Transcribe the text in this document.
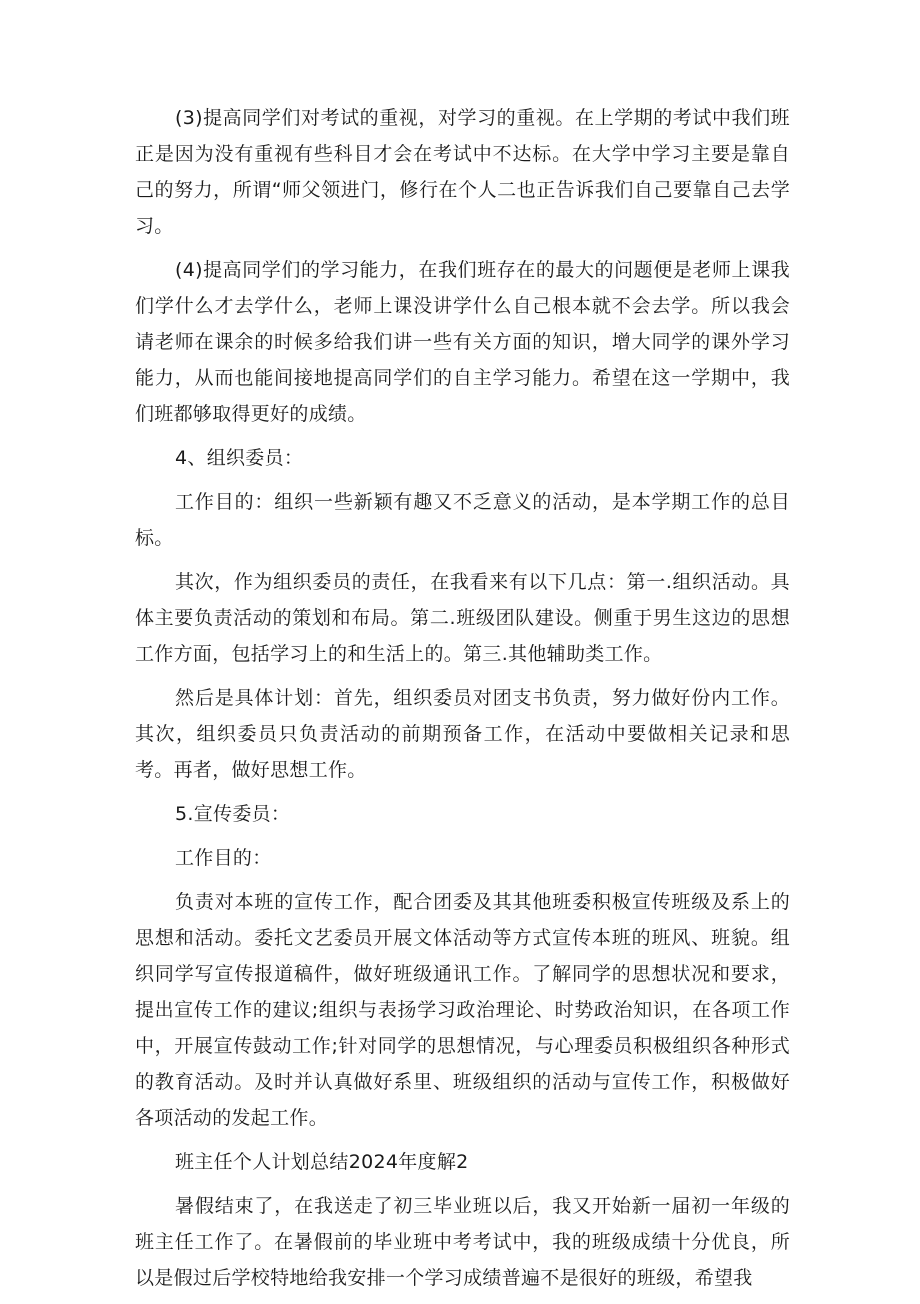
(3)提高同学们对考试的重视，对学习的重视。在上学期的考试中我们班正是因为没有重视有些科目才会在考试中不达标。在大学中学习主要是靠自己的努力，所谓“师父领进门，修行在个人二也正告诉我们自己要靠自己去学习。

(4)提高同学们的学习能力，在我们班存在的最大的问题便是老师上课我们学什么才去学什么，老师上课没讲学什么自己根本就不会去学。所以我会请老师在课余的时候多给我们讲一些有关方面的知识，增大同学的课外学习能力，从而也能间接地提高同学们的自主学习能力。希望在这一学期中，我们班都够取得更好的成绩。

4、组织委员：

工作目的：组织一些新颖有趣又不乏意义的活动，是本学期工作的总目标。

其次，作为组织委员的责任，在我看来有以下几点：第一.组织活动。具体主要负责活动的策划和布局。第二.班级团队建设。侧重于男生这边的思想工作方面，包括学习上的和生活上的。第三.其他辅助类工作。

然后是具体计划：首先，组织委员对团支书负责，努力做好份内工作。其次，组织委员只负责活动的前期预备工作，在活动中要做相关记录和思考。再者，做好思想工作。

5.宣传委员：

工作目的：

负责对本班的宣传工作，配合团委及其其他班委积极宣传班级及系上的思想和活动。委托文艺委员开展文体活动等方式宣传本班的班风、班貌。组织同学写宣传报道稿件，做好班级通讯工作。了解同学的思想状况和要求，提出宣传工作的建议;组织与表扬学习政治理论、时势政治知识，在各项工作中，开展宣传鼓动工作;针对同学的思想情况，与心理委员积极组织各种形式的教育活动。及时并认真做好系里、班级组织的活动与宣传工作，积极做好各项活动的发起工作。

班主任个人计划总结2024年度解2

暑假结束了，在我送走了初三毕业班以后，我又开始新一届初一年级的班主任工作了。在暑假前的毕业班中考考试中，我的班级成绩十分优良，所以是假过后学校特地给我安排一个学习成绩普遍不是很好的班级，希望我
